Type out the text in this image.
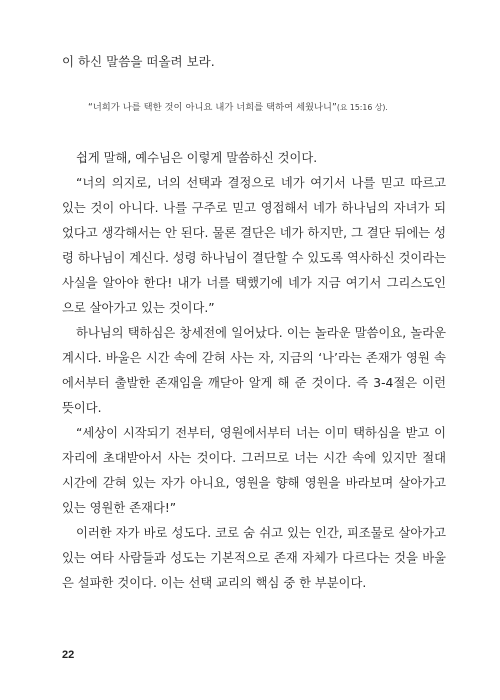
이 하신 말씀을 떠올려 보라.

“너희가 나를 택한 것이 아니요 내가 너희를 택하여 세웠나니”(요 15:16 상).

쉽게 말해, 예수님은 이렇게 말씀하신 것이다.

“너의 의지로, 너의 선택과 결정으로 네가 여기서 나를 믿고 따르고 있는 것이 아니다. 나를 구주로 믿고 영접해서 네가 하나님의 자녀가 되었다고 생각해서는 안 된다. 물론 결단은 네가 하지만, 그 결단 뒤에는 성령 하나님이 계신다. 성령 하나님이 결단할 수 있도록 역사하신 것이라는 사실을 알아야 한다! 내가 너를 택했기에 네가 지금 여기서 그리스도인으로 살아가고 있는 것이다.”

하나님의 택하심은 창세전에 일어났다. 이는 놀라운 말씀이요, 놀라운 계시다. 바울은 시간 속에 갇혀 사는 자, 지금의 ‘나’라는 존재가 영원 속에서부터 출발한 존재임을 깨닫아 알게 해 준 것이다. 즉 3-4절은 이런 뜻이다.

“세상이 시작되기 전부터, 영원에서부터 너는 이미 택하심을 받고 이 자리에 초대받아서 사는 것이다. 그러므로 너는 시간 속에 있지만 절대 시간에 갇혀 있는 자가 아니요, 영원을 향해 영원을 바라보며 살아가고 있는 영원한 존재다!”

이러한 자가 바로 성도다. 코로 숨 쉬고 있는 인간, 피조물로 살아가고 있는 여타 사람들과 성도는 기본적으로 존재 자체가 다르다는 것을 바울은 설파한 것이다. 이는 선택 교리의 핵심 중 한 부분이다.

22
